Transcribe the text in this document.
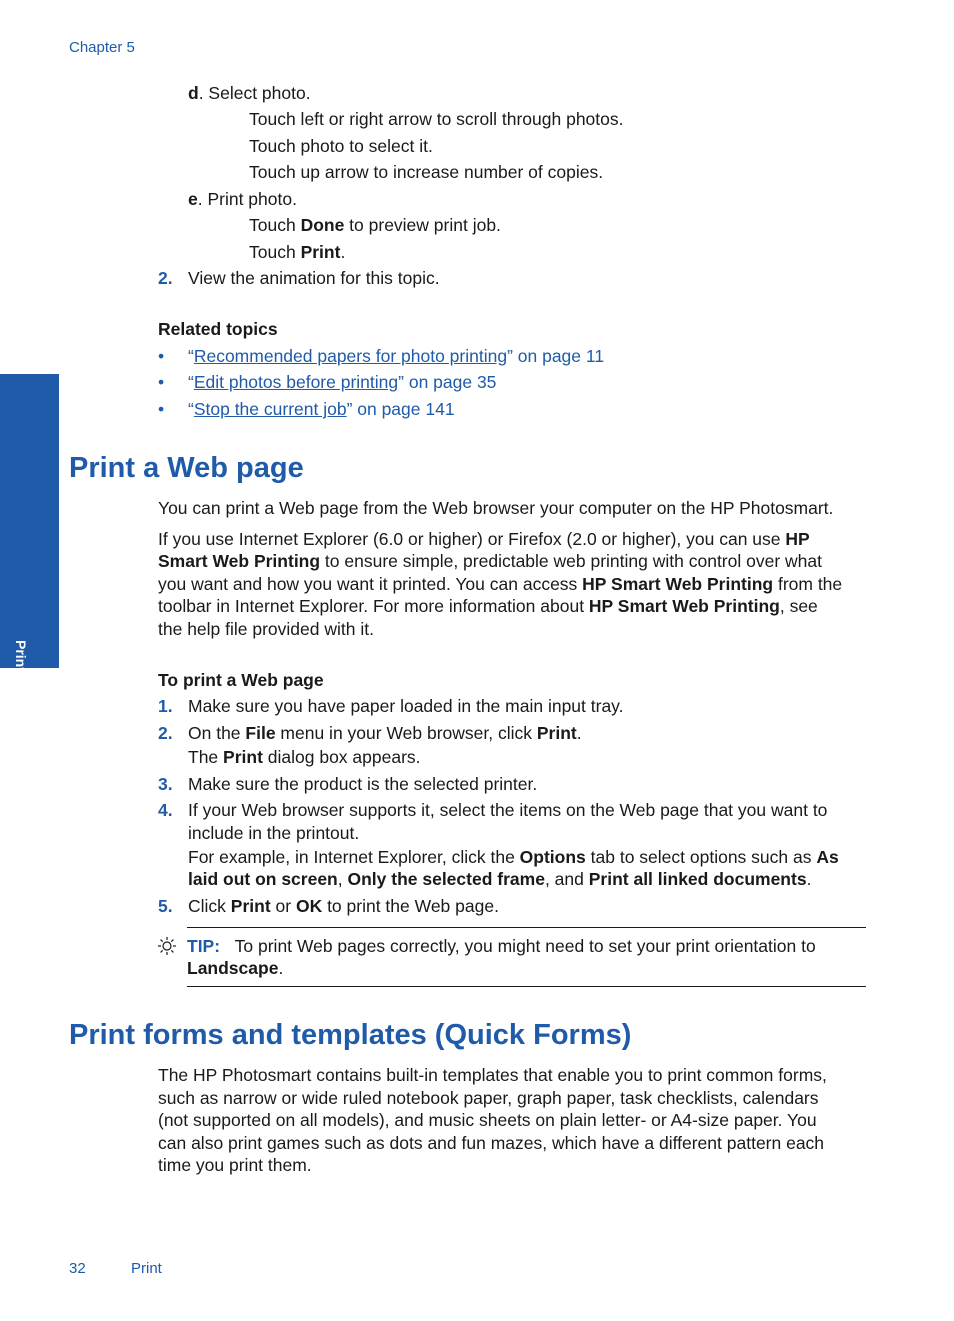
Chapter 5
Print
d. Select photo.
Touch left or right arrow to scroll through photos.
Touch photo to select it.
Touch up arrow to increase number of copies.
e. Print photo.
Touch Done to preview print job.
Touch Print.
2. View the animation for this topic.
Related topics
• “Recommended papers for photo printing” on page 11
• “Edit photos before printing” on page 35
• “Stop the current job” on page 141
Print a Web page
You can print a Web page from the Web browser your computer on the HP Photosmart.
If you use Internet Explorer (6.0 or higher) or Firefox (2.0 or higher), you can use HP
Smart Web Printing to ensure simple, predictable web printing with control over what
you want and how you want it printed. You can access HP Smart Web Printing from the
toolbar in Internet Explorer. For more information about HP Smart Web Printing, see
the help file provided with it.
To print a Web page
1. Make sure you have paper loaded in the main input tray.
2. On the File menu in your Web browser, click Print.
The Print dialog box appears.
3. Make sure the product is the selected printer.
4. If your Web browser supports it, select the items on the Web page that you want to
include in the printout.
For example, in Internet Explorer, click the Options tab to select options such as As
laid out on screen, Only the selected frame, and Print all linked documents.
5. Click Print or OK to print the Web page.
TIP: To print Web pages correctly, you might need to set your print orientation to
Landscape.
Print forms and templates (Quick Forms)
The HP Photosmart contains built-in templates that enable you to print common forms,
such as narrow or wide ruled notebook paper, graph paper, task checklists, calendars
(not supported on all models), and music sheets on plain letter- or A4-size paper. You
can also print games such as dots and fun mazes, which have a different pattern each
time you print them.
32	Print
